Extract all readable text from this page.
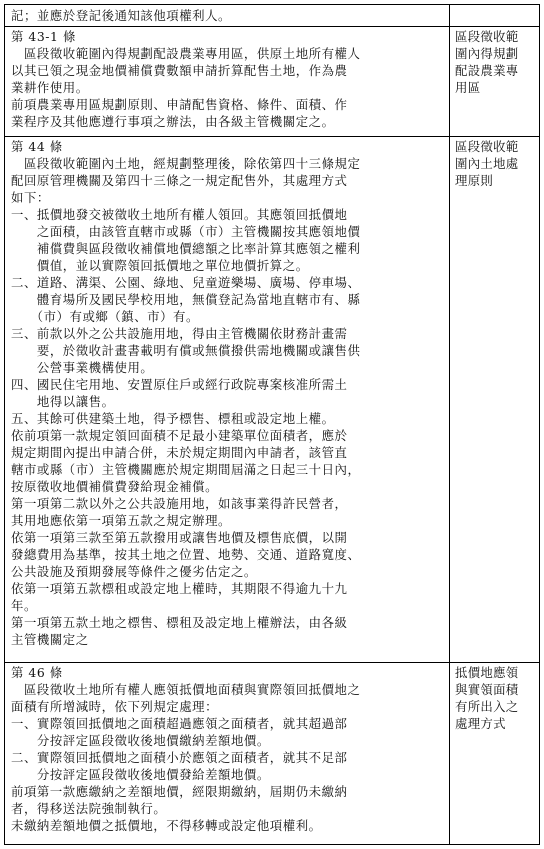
記；並應於登記後通知該他項權利人。
第 43-1 條
　區段徵收範圍內得規劃配設農業專用區，供原土地所有權人
以其已領之現金地價補償費數額申請折算配售土地，作為農
業耕作使用。
前項農業專用區規劃原則、申請配售資格、條件、面積、作
業程序及其他應遵行事項之辦法，由各級主管機關定之。
區段徵收範
圍內得規劃
配設農業專
用區
第 44 條
　區段徵收範圍內土地，經規劃整理後，除依第四十三條規定
配回原管理機關及第四十三條之一規定配售外，其處理方式
如下：
一、抵價地發交被徵收土地所有權人領回。其應領回抵價地
　　之面積，由該管直轄市或縣（市）主管機關按其應領地價
　　補償費與區段徵收補償地價總額之比率計算其應領之權利
　　價值，並以實際領回抵價地之單位地價折算之。
二、道路、溝渠、公園、綠地、兒童遊樂場、廣場、停車場、
　　體育場所及國民學校用地，無償登記為當地直轄市有、縣
　　（市）有或鄉（鎮、市）有。
三、前款以外之公共設施用地，得由主管機關依財務計畫需
　　要，於徵收計畫書載明有償或無償撥供需地機關或讓售供
　　公營事業機構使用。
四、國民住宅用地、安置原住戶或經行政院專案核准所需土
　　地得以讓售。
五、其餘可供建築土地，得予標售、標租或設定地上權。
依前項第一款規定領回面積不足最小建築單位面積者，應於
規定期間內提出申請合併，未於規定期間內申請者，該管直
轄市或縣（市）主管機關應於規定期間屆滿之日起三十日內，
按原徵收地價補償費發給現金補償。
第一項第二款以外之公共設施用地，如該事業得許民營者，
其用地應依第一項第五款之規定辦理。
依第一項第三款至第五款撥用或讓售地價及標售底價，以開
發總費用為基準，按其土地之位置、地勢、交通、道路寬度、
公共設施及預期發展等條件之優劣估定之。
依第一項第五款標租或設定地上權時，其期限不得逾九十九
年。
第一項第五款土地之標售、標租及設定地上權辦法，由各級
主管機關定之
區段徵收範
圍內土地處
理原則
第 46 條
　區段徵收土地所有權人應領抵價地面積與實際領回抵價地之
面積有所增減時，依下列規定處理：
一、實際領回抵價地之面積超過應領之面積者，就其超過部
　　分按評定區段徵收後地價繳納差額地價。
二、實際領回抵價地之面積小於應領之面積者，就其不足部
　　分按評定區段徵收後地價發給差額地價。
前項第一款應繳納之差額地價，經限期繳納，屆期仍未繳納
者，得移送法院強制執行。
未繳納差額地價之抵價地，不得移轉或設定他項權利。
抵價地應領
與實領面積
有所出入之
處理方式
